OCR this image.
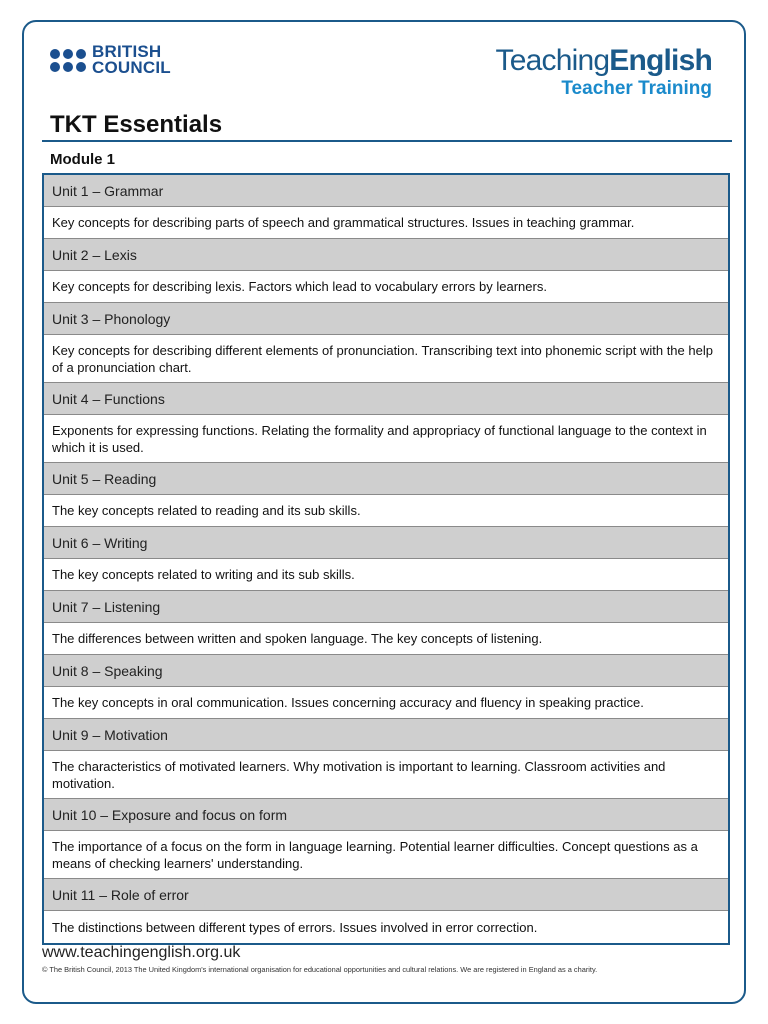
BRITISH
COUNCIL	TeachingEnglish
Teacher Training
TKT Essentials
Module 1
Unit 1 – Grammar
Key concepts for describing parts of speech and grammatical structures. Issues in teaching grammar.
Unit 2 – Lexis
Key concepts for describing lexis. Factors which lead to vocabulary errors by learners.
Unit 3 – Phonology
Key concepts for describing different elements of pronunciation. Transcribing text into phonemic script with the help of a pronunciation chart.
Unit 4 – Functions
Exponents for expressing functions. Relating the formality and appropriacy of functional language to the context in which it is used.
Unit 5 – Reading
The key concepts related to reading and its sub skills.
Unit 6 – Writing
The key concepts related to writing and its sub skills.
Unit 7 – Listening
The differences between written and spoken language. The key concepts of listening.
Unit 8 – Speaking
The key concepts in oral communication. Issues concerning accuracy and fluency in speaking practice.
Unit 9 – Motivation
The characteristics of motivated learners. Why motivation is important to learning. Classroom activities and motivation.
Unit 10 – Exposure and focus on form
The importance of a focus on the form in language learning. Potential learner difficulties. Concept questions as a means of checking learners' understanding.
Unit 11 – Role of error
The distinctions between different types of errors. Issues involved in error correction.
www.teachingenglish.org.uk
© The British Council, 2013 The United Kingdom's international organisation for educational opportunities and cultural relations. We are registered in England as a charity.
